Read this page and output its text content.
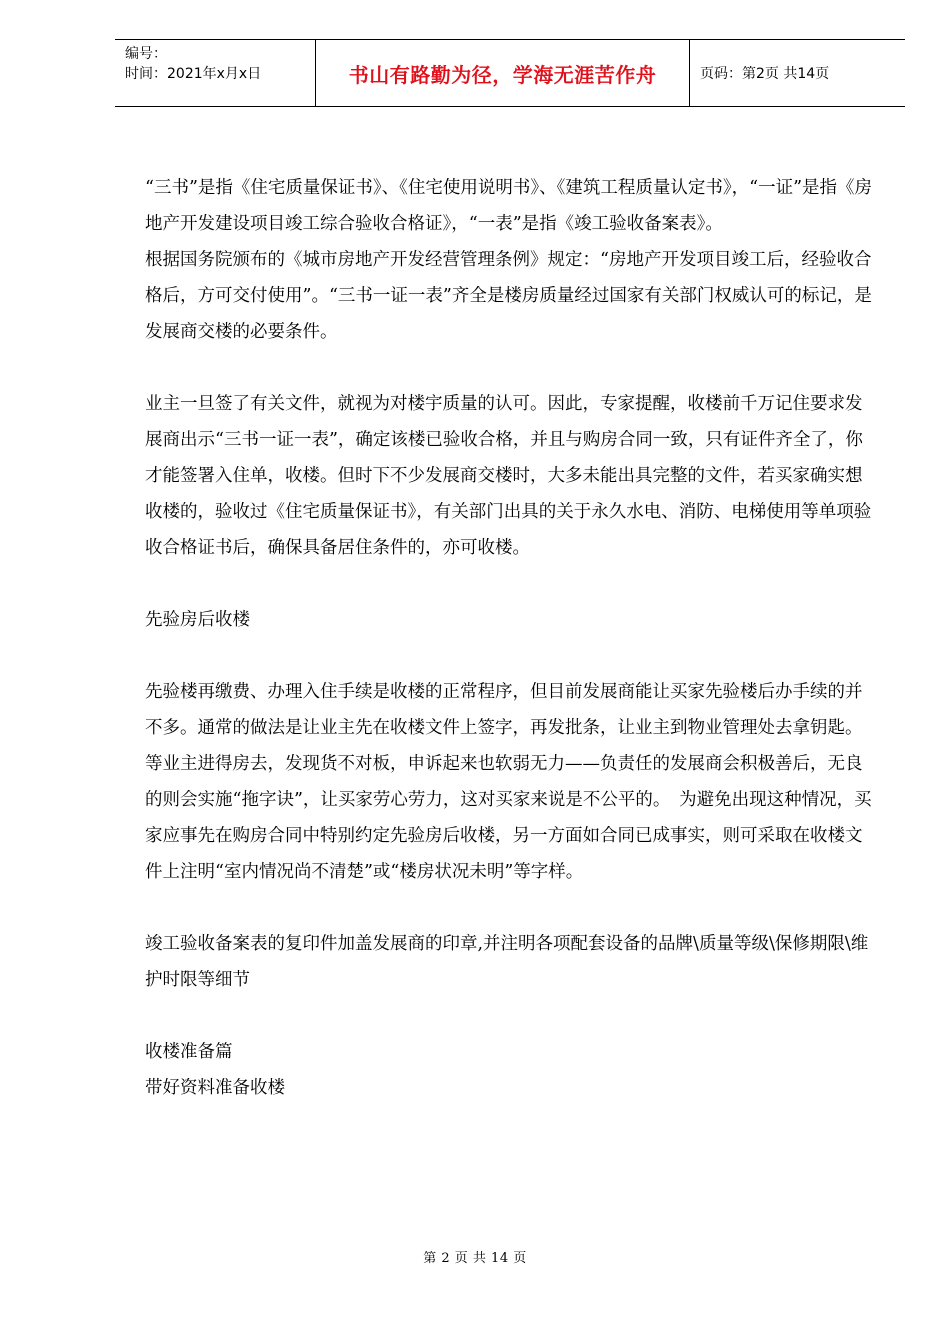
编号：
时间：2021年x月x日	书山有路勤为径，学海无涯苦作舟	页码：第2页 共14页

“三书”是指《住宅质量保证书》、《住宅使用说明书》、《建筑工程质量认定书》，“一证”是指《房地产开发建设项目竣工综合验收合格证》，“一表”是指《竣工验收备案表》。

根据国务院颁布的《城市房地产开发经营管理条例》规定：“房地产开发项目竣工后，经验收合格后，方可交付使用”。“三书一证一表”齐全是楼房质量经过国家有关部门权威认可的标记，是发展商交楼的必要条件。

业主一旦签了有关文件，就视为对楼宇质量的认可。因此，专家提醒，收楼前千万记住要求发展商出示“三书一证一表”，确定该楼已验收合格，并且与购房合同一致，只有证件齐全了，你才能签署入住单，收楼。但时下不少发展商交楼时，大多未能出具完整的文件，若买家确实想收楼的，验收过《住宅质量保证书》，有关部门出具的关于永久水电、消防、电梯使用等单项验收合格证书后，确保具备居住条件的，亦可收楼。

先验房后收楼

先验楼再缴费、办理入住手续是收楼的正常程序，但目前发展商能让买家先验楼后办手续的并不多。通常的做法是让业主先在收楼文件上签字，再发批条，让业主到物业管理处去拿钥匙。等业主进得房去，发现货不对板，申诉起来也软弱无力——负责任的发展商会积极善后，无良的则会实施“拖字诀”，让买家劳心劳力，这对买家来说是不公平的。　为避免出现这种情况，买家应事先在购房合同中特别约定先验房后收楼，另一方面如合同已成事实，则可采取在收楼文件上注明“室内情况尚不清楚”或“楼房状况未明”等字样。

竣工验收备案表的复印件加盖发展商的印章,并注明各项配套设备的品牌\质量等级\保修期限\维护时限等细节

收楼准备篇

带好资料准备收楼

第 2 页 共 14 页
